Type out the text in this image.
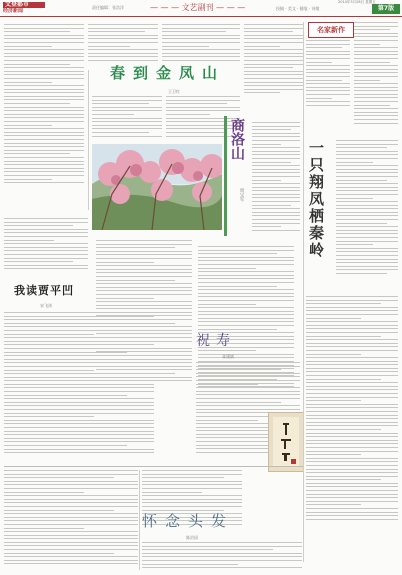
文登都市
经济新闻
责任编辑：张浩洋	— — — 文艺副刊 — — —	投稿 · 美文 · 随笔 · 诗歌
2014年3月28日 星期五
第7版
春到金凤山
王卫红
名家新作
商洛山
周宝军	一只翔凤栖秦岭
我读贾平凹
宋飞涛
祝寿
张建斌
怀念头发
陈治国
